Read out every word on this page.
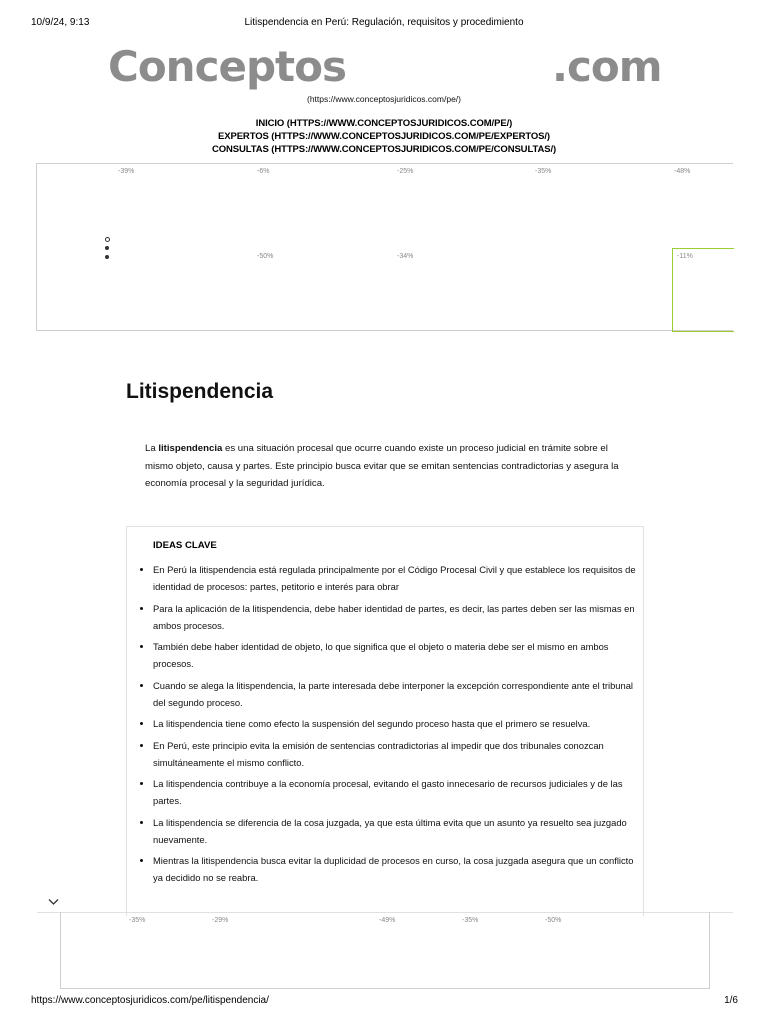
10/9/24, 9:13	Litispendencia en Perú: Regulación, requisitos y procedimiento
Conceptos	.com
(https://www.conceptosjuridicos.com/pe/)
INICIO (HTTPS://WWW.CONCEPTOSJURIDICOS.COM/PE/)
EXPERTOS (HTTPS://WWW.CONCEPTOSJURIDICOS.COM/PE/EXPERTOS/)
CONSULTAS (HTTPS://WWW.CONCEPTOSJURIDICOS.COM/PE/CONSULTAS/)
-39%	-6%	-25%	-35%	-48%
-50%	-34%	-11%
Litispendencia

La litispendencia es una situación procesal que ocurre cuando existe un proceso judicial en trámite sobre el mismo objeto, causa y partes. Este principio busca evitar que se emitan sentencias contradictorias y asegura la economía procesal y la seguridad jurídica.

IDEAS CLAVE
• En Perú la litispendencia está regulada principalmente por el Código Procesal Civil y que establece los requisitos de identidad de procesos: partes, petitorio e interés para obrar
• Para la aplicación de la litispendencia, debe haber identidad de partes, es decir, las partes deben ser las mismas en ambos procesos.
• También debe haber identidad de objeto, lo que significa que el objeto o materia debe ser el mismo en ambos procesos.
• Cuando se alega la litispendencia, la parte interesada debe interponer la excepción correspondiente ante el tribunal del segundo proceso.
• La litispendencia tiene como efecto la suspensión del segundo proceso hasta que el primero se resuelva.
• En Perú, este principio evita la emisión de sentencias contradictorias al impedir que dos tribunales conozcan simultáneamente el mismo conflicto.
• La litispendencia contribuye a la economía procesal, evitando el gasto innecesario de recursos judiciales y de las partes.
• La litispendencia se diferencia de la cosa juzgada, ya que esta última evita que un asunto ya resuelto sea juzgado nuevamente.
• Mientras la litispendencia busca evitar la duplicidad de procesos en curso, la cosa juzgada asegura que un conflicto ya decidido no se reabra.
-35%	-29%	-49%	-35%	-50%
https://www.conceptosjuridicos.com/pe/litispendencia/	1/6
